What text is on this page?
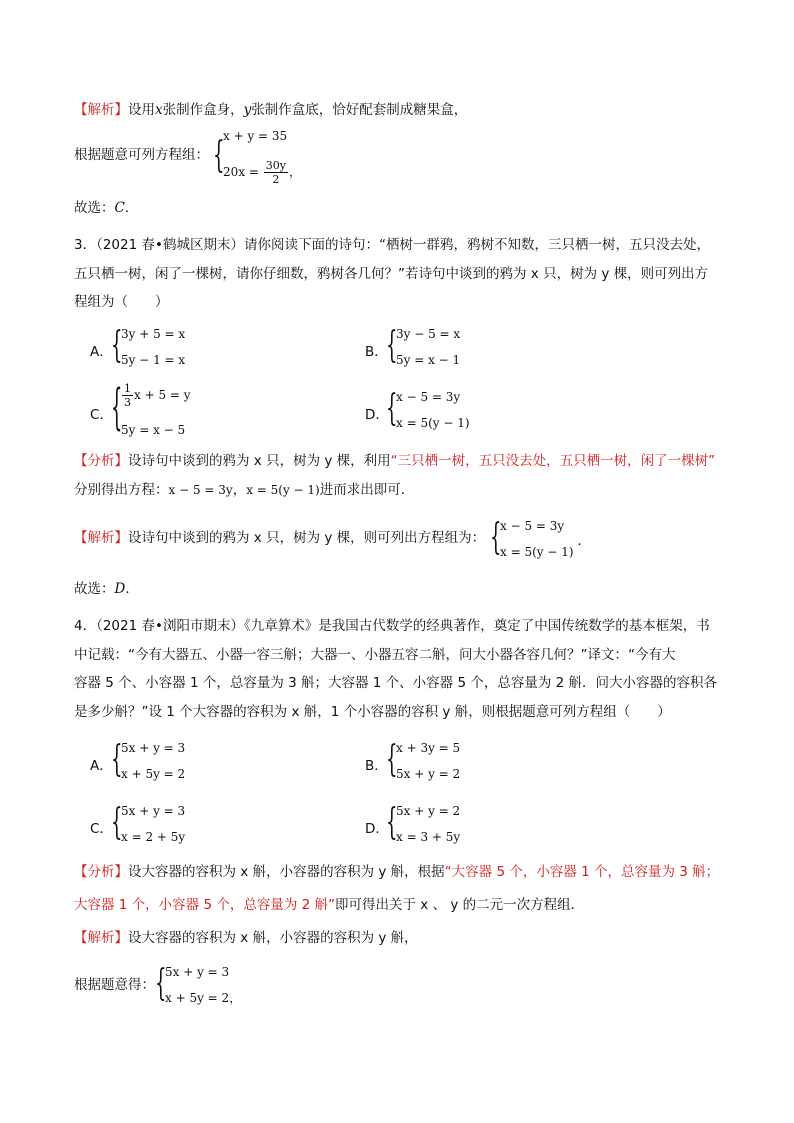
【解析】设用x张制作盒身，y张制作盒底，恰好配套制成糖果盒，
根据题意可列方程组： {
x + y = 35
$20x = \frac{30y}{2}$ ，
故选：C．
3．（2021 春•鹤城区期末）请你阅读下面的诗句：“栖树一群鸦，鸦树不知数，三只栖一树，五只没去处，
五只栖一树，闲了一棵树，请你仔细数，鸦树各几何？”若诗句中谈到的鸦为 x 只，树为 y 棵，则可列出方
程组为（　　）
A．
{
3y + 5 = x
5y − 1 = x	B．
{
3y − 5 = x
5y = x − 1
C．
{ $\frac{1}{3}$ x + 5 = y
5y = x − 5
D．
{
x − 5 = 3y
x = 5(y − 1)
【分析】设诗句中谈到的鸦为 x 只，树为 y 棵，利用“三只栖一树，五只没去处，五只栖一树，闲了一棵树”
分别得出方程：x − 5 = 3y，x = 5(y − 1)进而求出即可．
【解析】设诗句中谈到的鸦为 x 只，树为 y 棵，则可列出方程组为： {
x − 5 = 3y
x = 5(y − 1)
．
故选：D．
4．（2021 春•浏阳市期末）《九章算术》是我国古代数学的经典著作，奠定了中国传统数学的基本框架，书
中记载：“今有大器五、小器一容三斛；大器一、小器五容二斛，问大小器各容几何？”译文：“今有大
容器 5 个、小容器 1 个，总容量为 3 斛；大容器 1 个、小容器 5 个，总容量为 2 斛．问大小容器的容积各
是多少斛？”设 1 个大容器的容积为 x 斛，1 个小容器的容积 y 斛，则根据题意可列方程组（　　）
A．
{
5x + y = 3
x + 5y = 2	B．
{
x + 3y = 5
5x + y = 2
C．
{
5x + y = 3
x = 2 + 5y	D．
{
5x + y = 2
x = 3 + 5y
【分析】设大容器的容积为 x 斛，小容器的容积为 y 斛，根据“大容器 5 个，小容器 1 个，总容量为 3 斛；
大容器 1 个，小容器 5 个，总容量为 2 斛”即可得出关于 x 、 y 的二元一次方程组．
【解析】设大容器的容积为 x 斛，小容器的容积为 y 斛，
根据题意得： {
5x + y = 3
x + 5y = 2，
